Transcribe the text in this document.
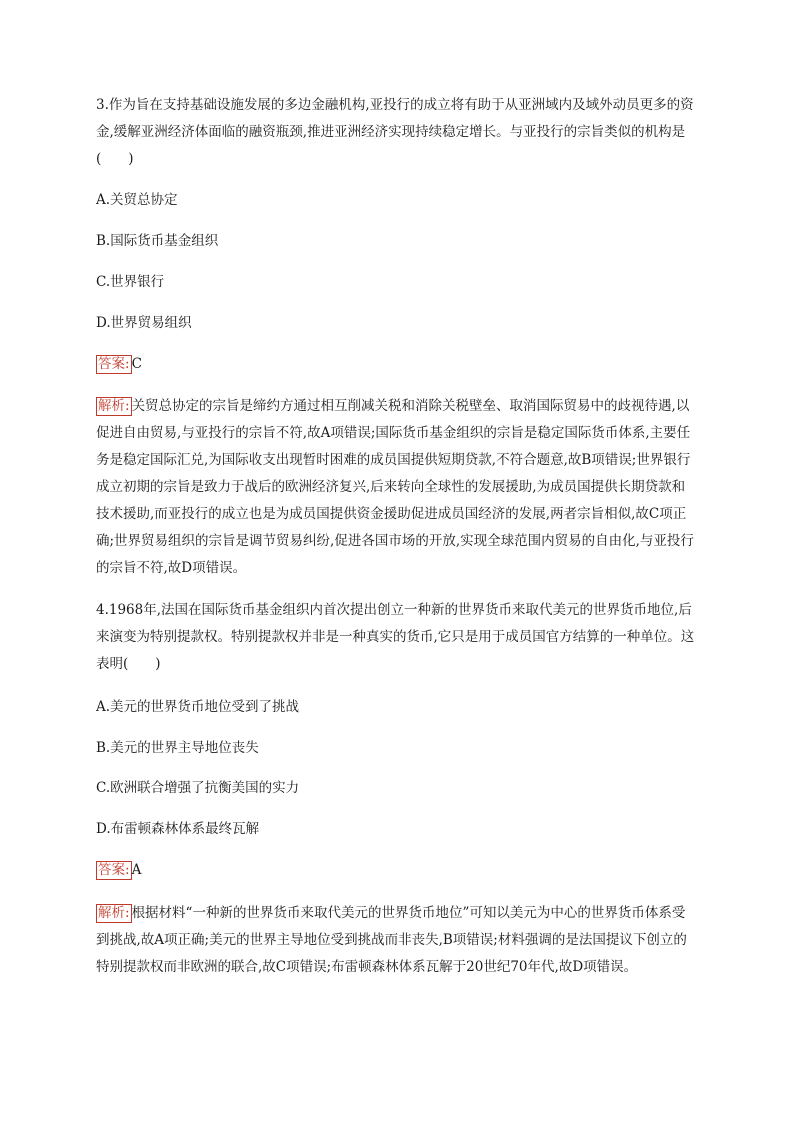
3.作为旨在支持基础设施发展的多边金融机构,亚投行的成立将有助于从亚洲域内及域外动员更多的资金,缓解亚洲经济体面临的融资瓶颈,推进亚洲经济实现持续稳定增长。与亚投行的宗旨类似的机构是(　　)
A.关贸总协定
B.国际货币基金组织
C.世界银行
D.世界贸易组织
答案: C
解析: 关贸总协定的宗旨是缔约方通过相互削减关税和消除关税壁垒、取消国际贸易中的歧视待遇,以促进自由贸易,与亚投行的宗旨不符,故A项错误;国际货币基金组织的宗旨是稳定国际货币体系,主要任务是稳定国际汇兑,为国际收支出现暂时困难的成员国提供短期贷款,不符合题意,故B项错误;世界银行成立初期的宗旨是致力于战后的欧洲经济复兴,后来转向全球性的发展援助,为成员国提供长期贷款和技术援助,而亚投行的成立也是为成员国提供资金援助促进成员国经济的发展,两者宗旨相似,故C项正确;世界贸易组织的宗旨是调节贸易纠纷,促进各国市场的开放,实现全球范围内贸易的自由化,与亚投行的宗旨不符,故D项错误。
4.1968年,法国在国际货币基金组织内首次提出创立一种新的世界货币来取代美元的世界货币地位,后来演变为特别提款权。特别提款权并非是一种真实的货币,它只是用于成员国官方结算的一种单位。这表明(　　)
A.美元的世界货币地位受到了挑战
B.美元的世界主导地位丧失
C.欧洲联合增强了抗衡美国的实力
D.布雷顿森林体系最终瓦解
答案: A
解析: 根据材料“一种新的世界货币来取代美元的世界货币地位”可知以美元为中心的世界货币体系受到挑战,故A项正确;美元的世界主导地位受到挑战而非丧失,B项错误;材料强调的是法国提议下创立的特别提款权而非欧洲的联合,故C项错误;布雷顿森林体系瓦解于20世纪70年代,故D项错误。
